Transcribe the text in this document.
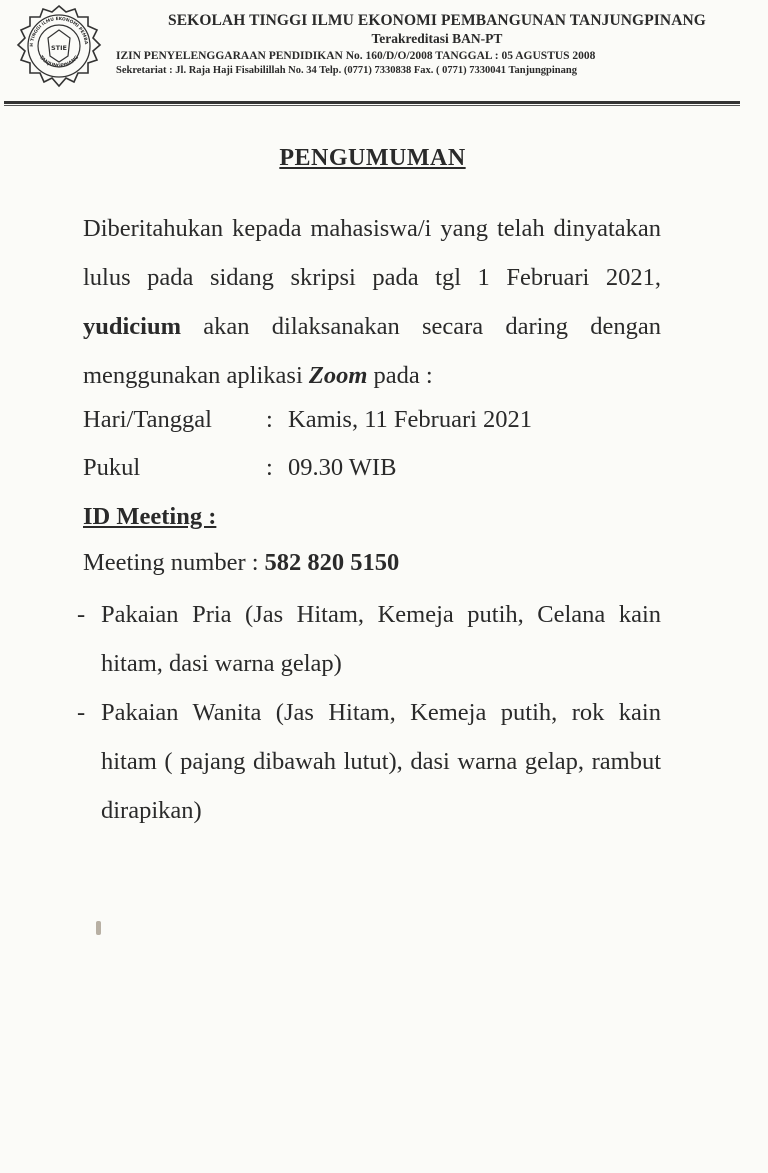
H TINGGI ILMU EKONOMI PEMBA
TANJUNGPINANG
STIE
SEKOLAH TINGGI ILMU EKONOMI PEMBANGUNAN TANJUNGPINANG
Terakreditasi BAN-PT
IZIN PENYELENGGARAAN PENDIDIKAN No. 160/D/O/2008 TANGGAL : 05 AGUSTUS 2008
Sekretariat : Jl. Raja Haji Fisabilillah No. 34 Telp. (0771) 7330838 Fax. ( 0771) 7330041 Tanjungpinang
PENGUMUMAN
Diberitahukan kepada mahasiswa/i yang telah dinyatakan lulus pada sidang skripsi pada tgl 1 Februari 2021, yudicium akan dilaksanakan secara daring dengan menggunakan aplikasi Zoom pada :
Hari/Tanggal : Kamis, 11 Februari 2021
Pukul	: 09.30 WIB
ID Meeting :
Meeting number : 582 820 5150
- Pakaian Pria (Jas Hitam, Kemeja putih, Celana kain hitam, dasi warna gelap)
- Pakaian Wanita (Jas Hitam, Kemeja putih, rok kain hitam ( pajang dibawah lutut), dasi warna gelap, rambut dirapikan)
